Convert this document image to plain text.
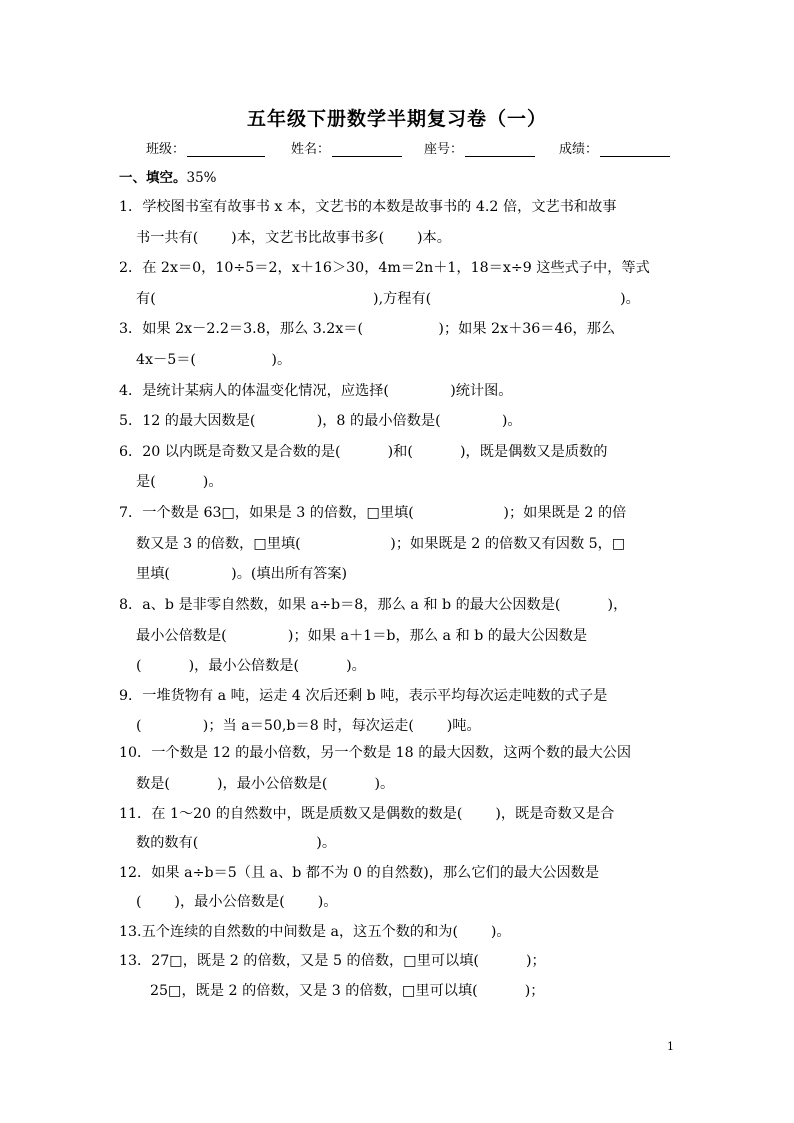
五年级下册数学半期复习卷（一）
班级：	姓名：	座号：	成绩：
一、填空。35%
1．学校图书室有故事书 x 本，文艺书的本数是故事书的 4.2 倍，文艺书和故事
书一共有(　　 )本，文艺书比故事书多(　　 )本。
2．在 2x＝0，10÷5＝2，x＋16＞30，4m＝2n＋1，18＝x÷9 这些式子中，等式
有(　　　　　　　　　　　　　　　 ),方程有(　　　　　　　　　　　　　 )。
3．如果 2x－2.2＝3.8，那么 3.2x＝(　　　　　 )；如果 2x＋36＝46，那么
4x－5＝(　　　　　 )。
4．是统计某病人的体温变化情况，应选择(　　　　 )统计图。
5．12 的最大因数是(　　　　 )，8 的最小倍数是(　　　　 )。
6．20 以内既是奇数又是合数的是(　　　 )和(　　　 )，既是偶数又是质数的
是(　　　 )。
7．一个数是 63□，如果是 3 的倍数，□里填(　　　　　　 )；如果既是 2 的倍
数又是 3 的倍数，□里填(　　　　　　 )；如果既是 2 的倍数又有因数 5，□
里填(　　　　 )。(填出所有答案)
8．a、b 是非零自然数，如果 a÷b＝8，那么 a 和 b 的最大公因数是(　　　 )，
最小公倍数是(　　　　 )；如果 a＋1＝b，那么 a 和 b 的最大公因数是
(　　　 )，最小公倍数是(　　　 )。
9．一堆货物有 a 吨，运走 4 次后还剩 b 吨，表示平均每次运走吨数的式子是
(　　　　 )；当 a＝50,b＝8 时，每次运走(　　 )吨。
10．一个数是 12 的最小倍数，另一个数是 18 的最大因数，这两个数的最大公因
数是(　　　 )，最小公倍数是(　　　 )。
11．在 1～20 的自然数中，既是质数又是偶数的数是(　　 )，既是奇数又是合
数的数有(　　　　　　　　 )。
12．如果 a÷b＝5（且 a、b 都不为 0 的自然数)，那么它们的最大公因数是
(　　 )，最小公倍数是(　　 )。
13.五个连续的自然数的中间数是 a，这五个数的和为(　　 )。
13．27□，既是 2 的倍数，又是 5 的倍数，□里可以填(　　　 )；
25□，既是 2 的倍数，又是 3 的倍数，□里可以填(　　　 )；
1
